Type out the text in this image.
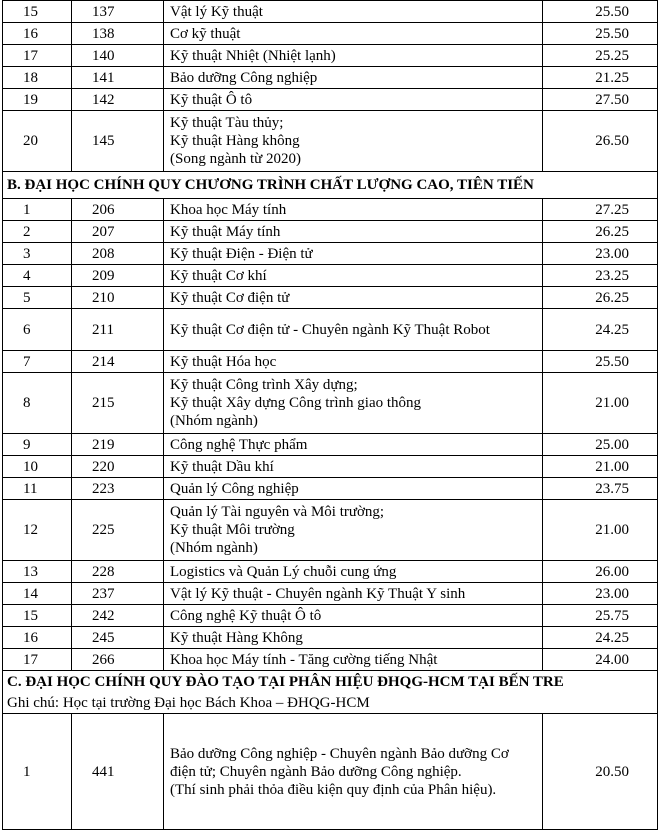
15	137	Vật lý Kỹ thuật	25.50
16	138	Cơ kỹ thuật	25.50
17	140	Kỹ thuật Nhiệt (Nhiệt lạnh)	25.25
18	141	Bảo dưỡng Công nghiệp	21.25
19	142	Kỹ thuật Ô tô	27.50
20	145	Kỹ thuật Tàu thủy;
Kỹ thuật Hàng không
(Song ngành từ 2020)	26.50
B. ĐẠI HỌC CHÍNH QUY CHƯƠNG TRÌNH CHẤT LƯỢNG CAO, TIÊN TIẾN			
1	206	Khoa học Máy tính	27.25
2	207	Kỹ thuật Máy tính	26.25
3	208	Kỹ thuật Điện - Điện tử	23.00
4	209	Kỹ thuật Cơ khí	23.25
5	210	Kỹ thuật Cơ điện tử	26.25
6	211	Kỹ thuật Cơ điện tử - Chuyên ngành Kỹ Thuật Robot	24.25
7	214	Kỹ thuật Hóa học	25.50
8	215	Kỹ thuật Công trình Xây dựng;
Kỹ thuật Xây dựng Công trình giao thông
(Nhóm ngành)	21.00
9	219	Công nghệ Thực phẩm	25.00
10	220	Kỹ thuật Dầu khí	21.00
11	223	Quản lý Công nghiệp	23.75
12	225	Quản lý Tài nguyên và Môi trường;
Kỹ thuật Môi trường
(Nhóm ngành)	21.00
13	228	Logistics và Quản Lý chuỗi cung ứng	26.00
14	237	Vật lý Kỹ thuật - Chuyên ngành Kỹ Thuật Y sinh	23.00
15	242	Công nghệ Kỹ thuật Ô tô	25.75
16	245	Kỹ thuật Hàng Không	24.25
17	266	Khoa học Máy tính - Tăng cường tiếng Nhật	24.00
C. ĐẠI HỌC CHÍNH QUY ĐÀO TẠO TẠI PHÂN HIỆU ĐHQG-HCM TẠI BẾN TRE			
Ghi chú: Học tại trường Đại học Bách Khoa – ĐHQG-HCM			
1	441	Bảo dưỡng Công nghiệp - Chuyên ngành Bảo dưỡng Cơ
điện tử; Chuyên ngành Bảo dưỡng Công nghiệp.
(Thí sinh phải thỏa điều kiện quy định của Phân hiệu).	20.50
